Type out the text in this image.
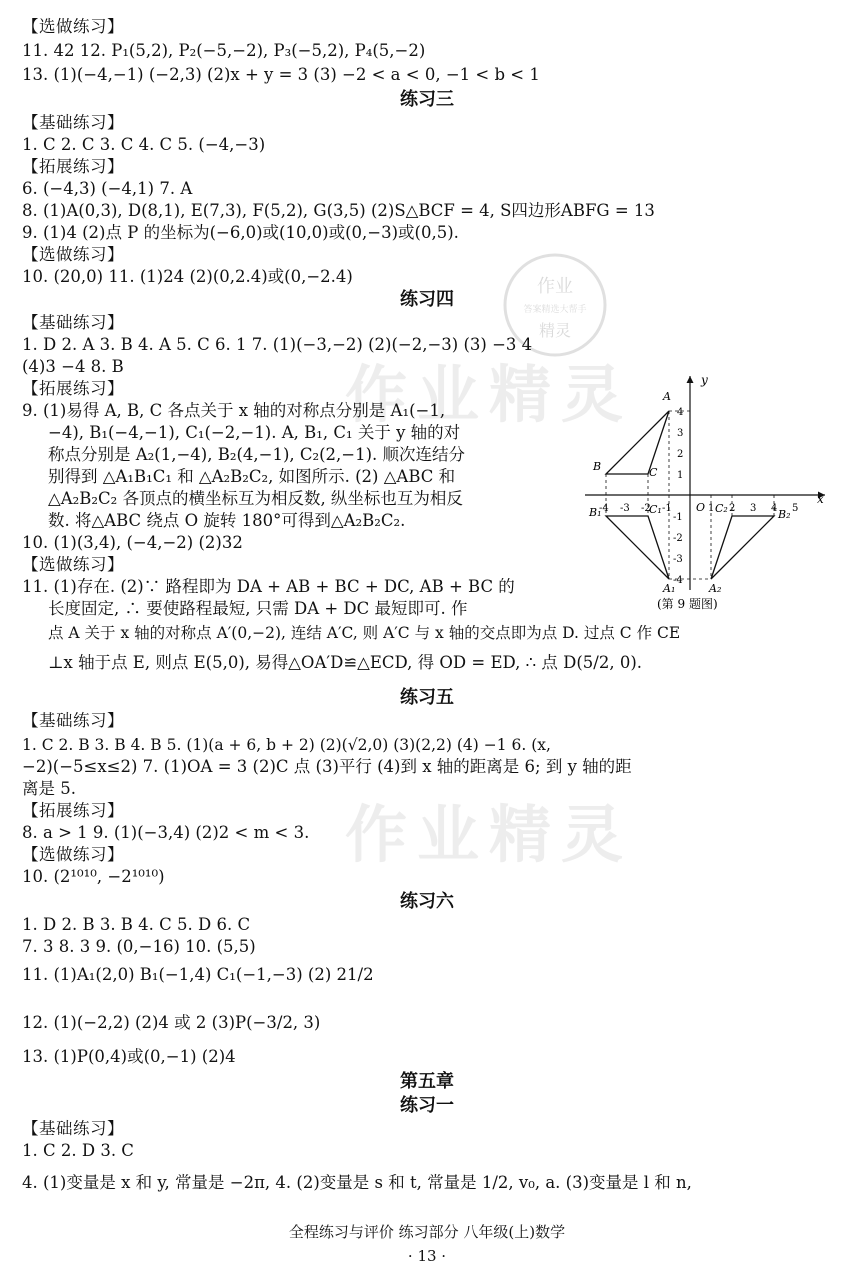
作业精灵
作业精灵
作业
答案精选大帮手
精灵
【选做练习】
11. 42 12. P₁(5,2), P₂(−5,−2), P₃(−5,2), P₄(5,−2)
13. (1)(−4,−1) (−2,3) (2)x + y = 3 (3) −2 < a < 0, −1 < b < 1
练习三
【基础练习】
1. C 2. C 3. C 4. C 5. (−4,−3)
【拓展练习】
6. (−4,3) (−4,1) 7. A
8. (1)A(0,3), D(8,1), E(7,3), F(5,2), G(3,5) (2)S△BCF = 4, S四边形ABFG = 13
9. (1)4 (2)点 P 的坐标为(−6,0)或(10,0)或(0,−3)或(0,5).
【选做练习】
10. (20,0) 11. (1)24 (2)(0,2.4)或(0,−2.4)
练习四
【基础练习】
1. D 2. A 3. B 4. A 5. C 6. 1 7. (1)(−3,−2) (2)(−2,−3) (3) −3 4
(4)3 −4 8. B
【拓展练习】
9. (1)易得 A, B, C 各点关于 x 轴的对称点分别是 A₁(−1,
−4), B₁(−4,−1), C₁(−2,−1). A, B₁, C₁ 关于 y 轴的对
称点分别是 A₂(1,−4), B₂(4,−1), C₂(2,−1). 顺次连结分
别得到 △A₁B₁C₁ 和 △A₂B₂C₂, 如图所示. (2) △ABC 和
△A₂B₂C₂ 各顶点的横坐标互为相反数, 纵坐标也互为相反
数. 将△ABC 绕点 O 旋转 180°可得到△A₂B₂C₂.
10. (1)(3,4), (−4,−2) (2)32
【选做练习】
11. (1)存在. (2)∵ 路程即为 DA + AB + BC + DC, AB + BC 的
长度固定, ∴ 要使路程最短, 只需 DA + DC 最短即可. 作
点 A 关于 x 轴的对称点 A′(0,−2), 连结 A′C, 则 A′C 与 x 轴的交点即为点 D. 过点 C 作 CE
⊥x 轴于点 E, 则点 E(5,0), 易得△OA′D≌△ECD, 得 OD = ED, ∴ 点 D(5/2, 0).
练习五
【基础练习】
1. C 2. B 3. B 4. B 5. (1)(a + 6, b + 2) (2)(√2,0) (3)(2,2) (4) −1 6. (x,
−2)(−5≤x≤2) 7. (1)OA = 3 (2)C 点 (3)平行 (4)到 x 轴的距离是 6; 到 y 轴的距
离是 5.
【拓展练习】
8. a > 1 9. (1)(−3,4) (2)2 < m < 3.
【选做练习】
10. (2¹⁰¹⁰, −2¹⁰¹⁰)
练习六
1. D 2. B 3. B 4. C 5. D 6. C
7. 3 8. 3 9. (0,−16) 10. (5,5)
11. (1)A₁(2,0) B₁(−1,4) C₁(−1,−3) (2) 21/2
12. (1)(−2,2) (2)4 或 2 (3)P(−3/2, 3)
13. (1)P(0,4)或(0,−1) (2)4
第五章
练习一
【基础练习】
1. C 2. D 3. C
4. (1)变量是 x 和 y, 常量是 −2π, 4. (2)变量是 s 和 t, 常量是 1/2, v₀, a. (3)变量是 l 和 n,
x
y
O
-4 -3 -2 -1	1 2 3 4 5
4
3
2
1
-1
-2
-3
-4
A
B	C
A₁
B₁	C₁
A₂
B₂
C₂
(第 9 题图)
全程练习与评价 练习部分 八年级(上)数学
· 13 ·
